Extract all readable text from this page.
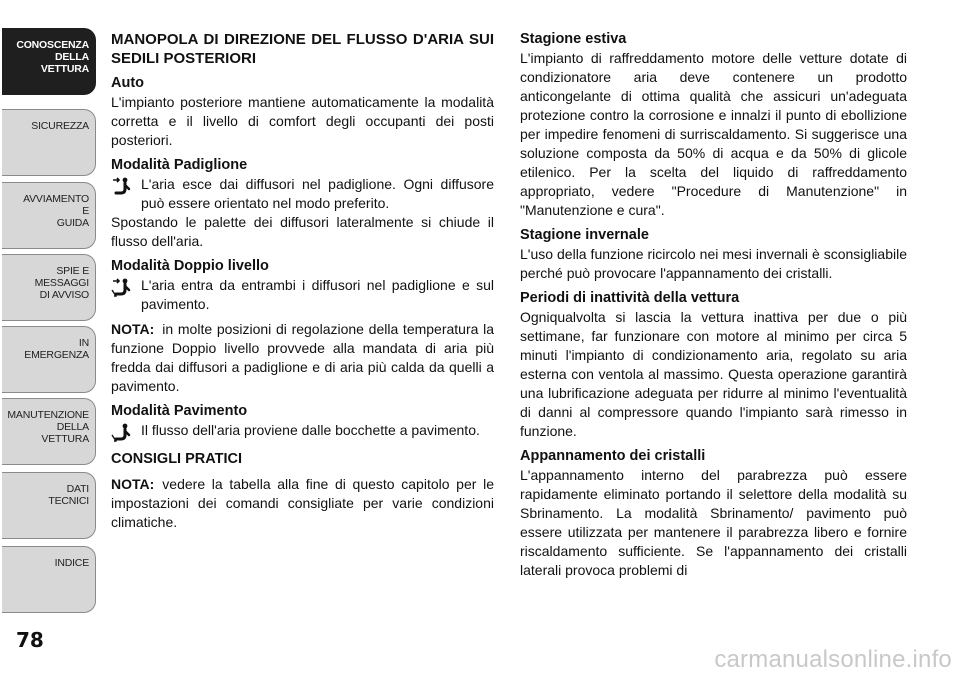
CONOSCENZA
DELLA
VETTURA
SICUREZZA
AVVIAMENTO
E
GUIDA
SPIE E
MESSAGGI
DI AVVISO
IN
EMERGENZA
MANUTENZIONE
DELLA
VETTURA
DATI
TECNICI
INDICE
78

MANOPOLA DI DIREZIONE DEL FLUSSO D'ARIA SUI SEDILI POSTERIORI

Auto

L'impianto posteriore mantiene automaticamente la modalità corretta e il livello di comfort degli occupanti dei posti posteriori.

Modalità Padiglione

L'aria esce dai diffusori nel padiglione. Ogni diffusore può essere orientato nel modo preferito.

Spostando le palette dei diffusori lateralmente si chiude il flusso dell'aria.

Modalità Doppio livello

L'aria entra da entrambi i diffusori nel padiglione e sul pavimento.

NOTA: in molte posizioni di regolazione della temperatura la funzione Doppio livello provvede alla mandata di aria più fredda dai diffusori a padiglione e di aria più calda da quelli a pavimento.

Modalità Pavimento

Il flusso dell'aria proviene dalle bocchette a pavimento.

CONSIGLI PRATICI

NOTA: vedere la tabella alla fine di questo capitolo per le impostazioni dei comandi consigliate per varie condizioni climatiche.

Stagione estiva

L'impianto di raffreddamento motore delle vetture dotate di condizionatore aria deve contenere un prodotto anticongelante di ottima qualità che assicuri un'adeguata protezione contro la corrosione e innalzi il punto di ebollizione per impedire fenomeni di surriscaldamento. Si suggerisce una soluzione composta da 50% di acqua e da 50% di glicole etilenico. Per la scelta del liquido di raffreddamento appropriato, vedere "Procedure di Manutenzione" in "Manutenzione e cura".

Stagione invernale

L'uso della funzione ricircolo nei mesi invernali è sconsigliabile perché può provocare l'appannamento dei cristalli.

Periodi di inattività della vettura

Ogniqualvolta si lascia la vettura inattiva per due o più settimane, far funzionare con motore al minimo per circa 5 minuti l'impianto di condizionamento aria, regolato su aria esterna con ventola al massimo. Questa operazione garantirà una lubrificazione adeguata per ridurre al minimo l'eventualità di danni al compressore quando l'impianto sarà rimesso in funzione.

Appannamento dei cristalli

L'appannamento interno del parabrezza può essere rapidamente eliminato portando il selettore della modalità su Sbrinamento. La modalità Sbrinamento/ pavimento può essere utilizzata per mantenere il parabrezza libero e fornire riscaldamento sufficiente. Se l'appannamento dei cristalli laterali provoca problemi di

carmanualsonline.info
